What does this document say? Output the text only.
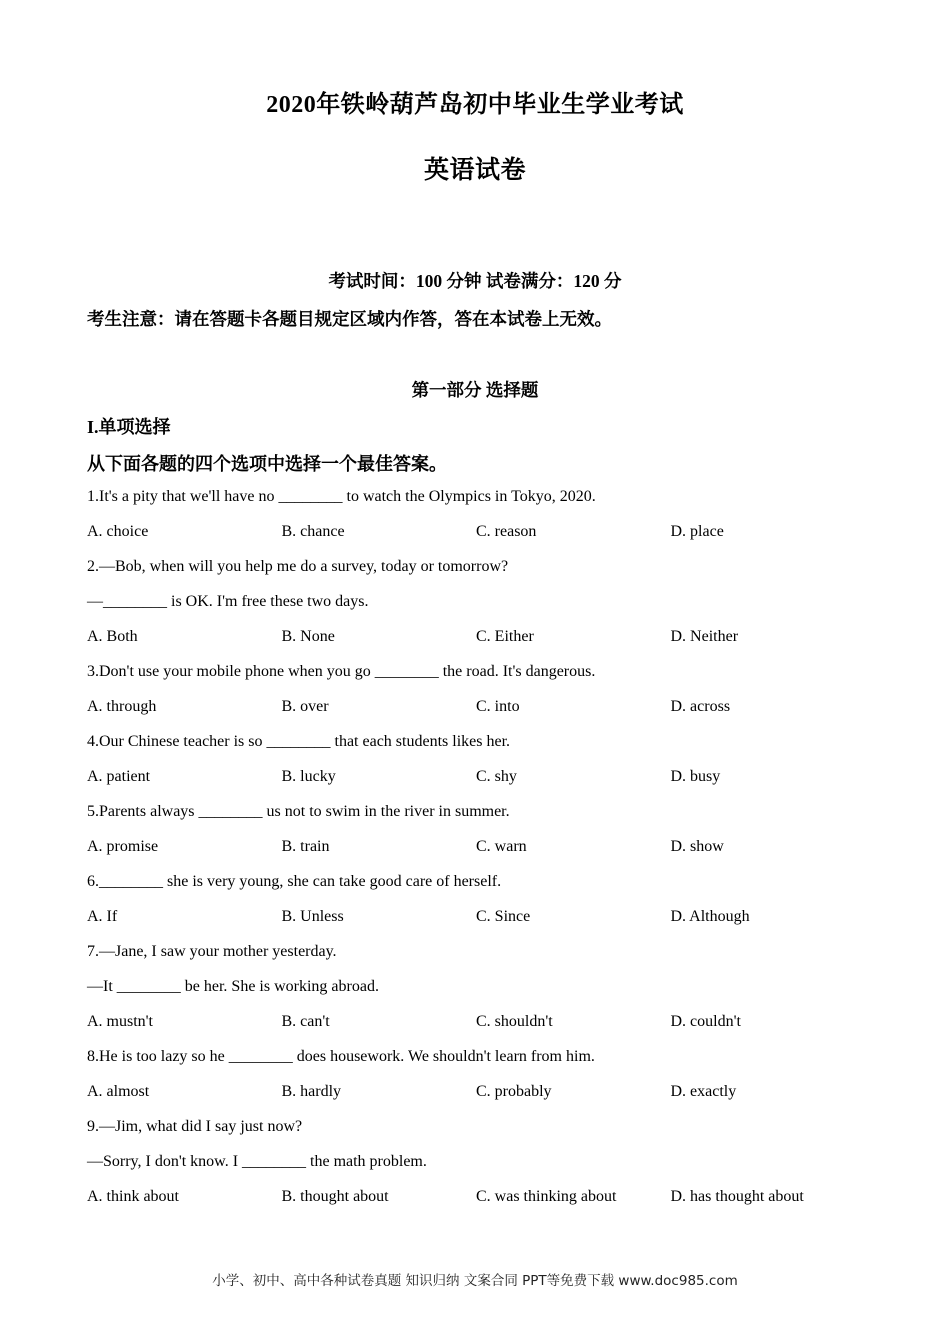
2020年铁岭葫芦岛初中毕业生学业考试
英语试卷
考试时间：100 分钟 试卷满分：120 分
考生注意：请在答题卡各题目规定区域内作答，答在本试卷上无效。
第一部分 选择题
I.单项选择
从下面各题的四个选项中选择一个最佳答案。
1.It's a pity that we'll have no ________ to watch the Olympics in Tokyo, 2020.
A. choice	B. chance	C. reason	D. place
2.—Bob, when will you help me do a survey, today or tomorrow?
—________ is OK. I'm free these two days.
A. Both	B. None	C. Either	D. Neither
3.Don't use your mobile phone when you go ________ the road. It's dangerous.
A. through	B. over	C. into	D. across
4.Our Chinese teacher is so ________ that each students likes her.
A. patient	B. lucky	C. shy	D. busy
5.Parents always ________ us not to swim in the river in summer.
A. promise	B. train	C. warn	D. show
6.________ she is very young, she can take good care of herself.
A. If	B. Unless	C. Since	D. Although
7.—Jane, I saw your mother yesterday.
—It ________ be her. She is working abroad.
A. mustn't	B. can't	C. shouldn't	D. couldn't
8.He is too lazy so he ________ does housework. We shouldn't learn from him.
A. almost	B. hardly	C. probably	D. exactly
9.—Jim, what did I say just now?
—Sorry, I don't know. I ________ the math problem.
A. think about	B. thought about	C. was thinking about	D. has thought about
小学、初中、高中各种试卷真题 知识归纳 文案合同 PPT等免费下载 www.doc985.com
